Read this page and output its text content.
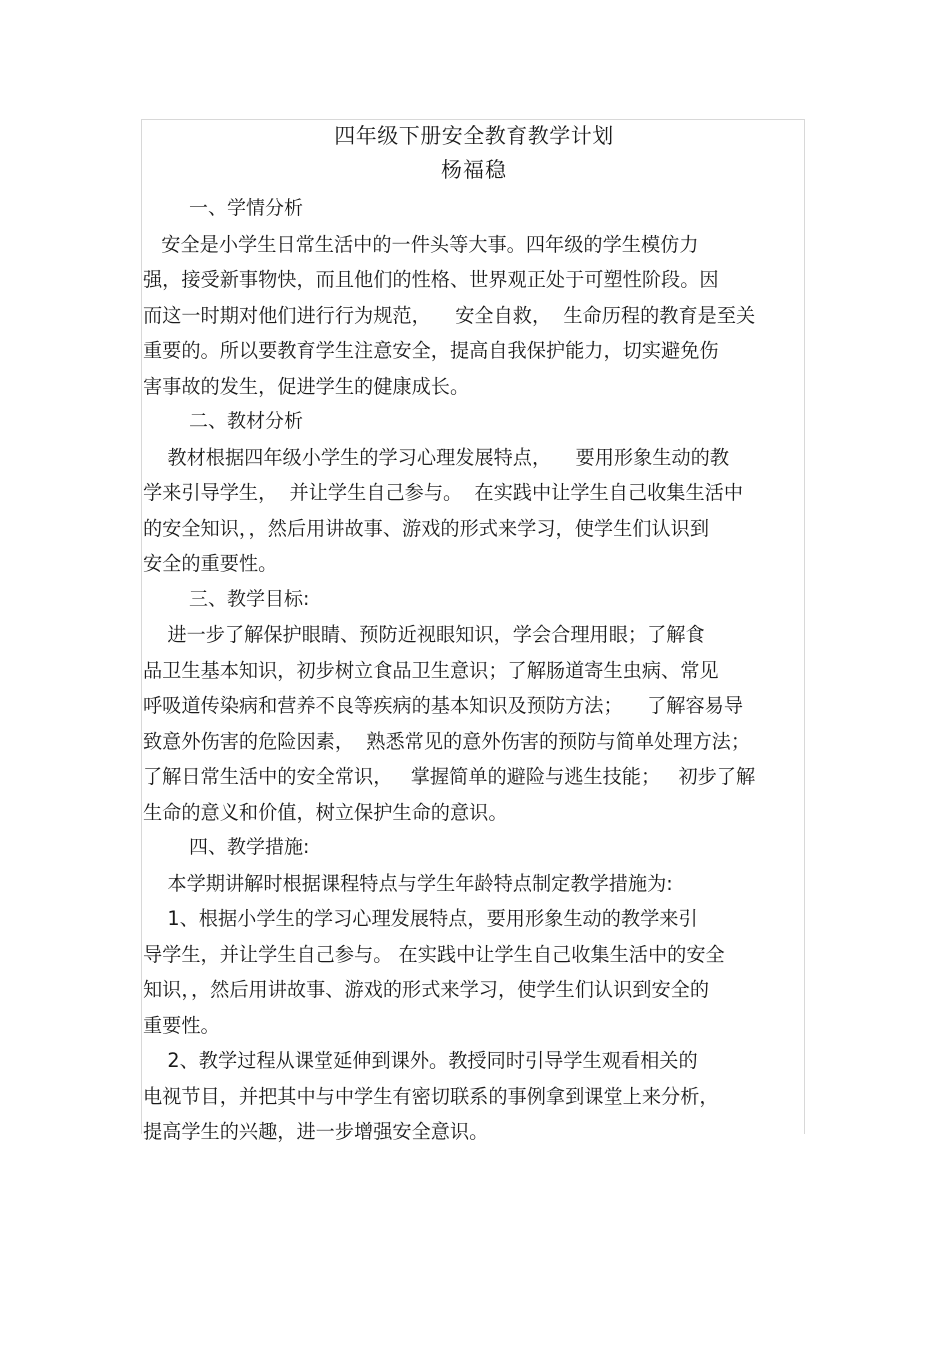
四年级下册安全教育教学计划
杨福稳
一、学情分析
安全是小学生日常生活中的一件头等大事。四年级的学生模仿力
强，接受新事物快，而且他们的性格、世界观正处于可塑性阶段。因
而这一时期对他们进行行为规范，    安全自救，  生命历程的教育是至关
重要的。所以要教育学生注意安全，提高自我保护能力，切实避免伤
害事故的发生，促进学生的健康成长。
二、教材分析
教材根据四年级小学生的学习心理发展特点，    要用形象生动的教
学来引导学生，  并让学生自己参与。  在实践中让学生自己收集生活中
的安全知识，，然后用讲故事、游戏的形式来学习，使学生们认识到
安全的重要性。
三、教学目标:
进一步了解保护眼睛、预防近视眼知识，学会合理用眼；了解食
品卫生基本知识，初步树立食品卫生意识；了解肠道寄生虫病、常见
呼吸道传染病和营养不良等疾病的基本知识及预防方法；    了解容易导
致意外伤害的危险因素，  熟悉常见的意外伤害的预防与简单处理方法；
了解日常生活中的安全常识，   掌握简单的避险与逃生技能；   初步了解
生命的意义和价值，树立保护生命的意识。
四、教学措施:
本学期讲解时根据课程特点与学生年龄特点制定教学措施为:
1、根据小学生的学习心理发展特点，要用形象生动的教学来引
导学生，并让学生自己参与。 在实践中让学生自己收集生活中的安全
知识，，然后用讲故事、游戏的形式来学习，使学生们认识到安全的
重要性。
2、教学过程从课堂延伸到课外。教授同时引导学生观看相关的
电视节目，并把其中与中学生有密切联系的事例拿到课堂上来分析，
提高学生的兴趣，进一步增强安全意识。
